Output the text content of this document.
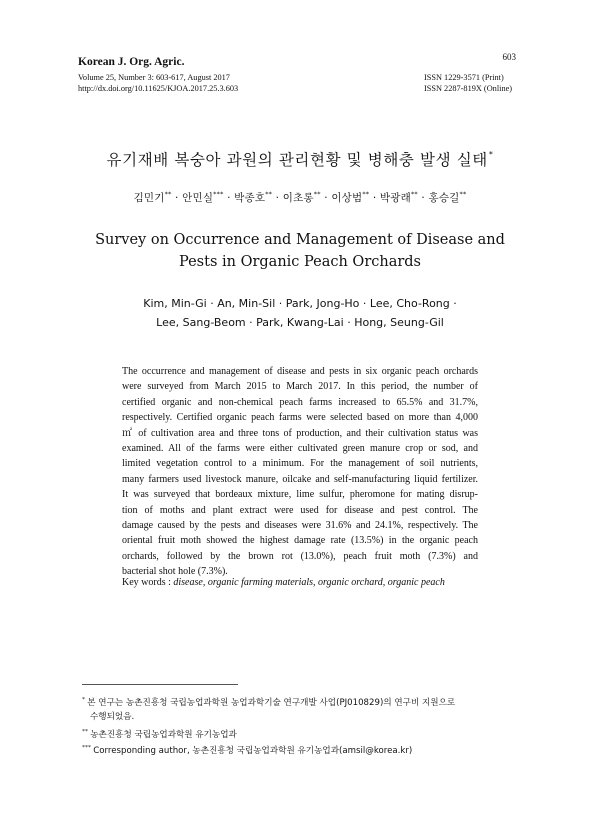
Korean J. Org. Agric.	603
Volume 25, Number 3: 603-617, August 2017
http://dx.doi.org/10.11625/KJOA.2017.25.3.603
ISSN 1229-3571 (Print)
ISSN 2287-819X (Online)
유기재배 복숭아 과원의 관리현황 및 병해충 발생 실태*
김민기** · 안민실*** · 박종호** · 이초롱** · 이상범** · 박광래** · 홍승길**
Survey on Occurrence and Management of Disease and
Pests in Organic Peach Orchards
Kim, Min-Gi · An, Min-Sil · Park, Jong-Ho · Lee, Cho-Rong ·
Lee, Sang-Beom · Park, Kwang-Lai · Hong, Seung-Gil
The occurrence and management of disease and pests in six organic peach orchards
were surveyed from March 2015 to March 2017. In this period, the number of
certified organic and non-chemical peach farms increased to 65.5% and 31.7%,
respectively. Certified organic peach farms were selected based on more than 4,000
㎡ of cultivation area and three tons of production, and their cultivation status was
examined. All of the farms were either cultivated green manure crop or sod, and
limited vegetation control to a minimum. For the management of soil nutrients,
many farmers used livestock manure, oilcake and self-manufacturing liquid fertilizer.
It was surveyed that bordeaux mixture, lime sulfur, pheromone for mating disrup-
tion of moths and plant extract were used for disease and pest control. The
damage caused by the pests and diseases were 31.6% and 24.1%, respectively. The
oriental fruit moth showed the highest damage rate (13.5%) in the organic peach
orchards, followed by the brown rot (13.0%), peach fruit moth (7.3%) and
bacterial shot hole (7.3%).
Key words : disease, organic farming materials, organic orchard, organic peach
* 본 연구는 농촌진흥청 국립농업과학원 농업과학기술 연구개발 사업(PJ010829)의 연구비 지원으로
수행되었음.
** 농촌진흥청 국립농업과학원 유기농업과
*** Corresponding author, 농촌진흥청 국립농업과학원 유기농업과(amsil@korea.kr)
